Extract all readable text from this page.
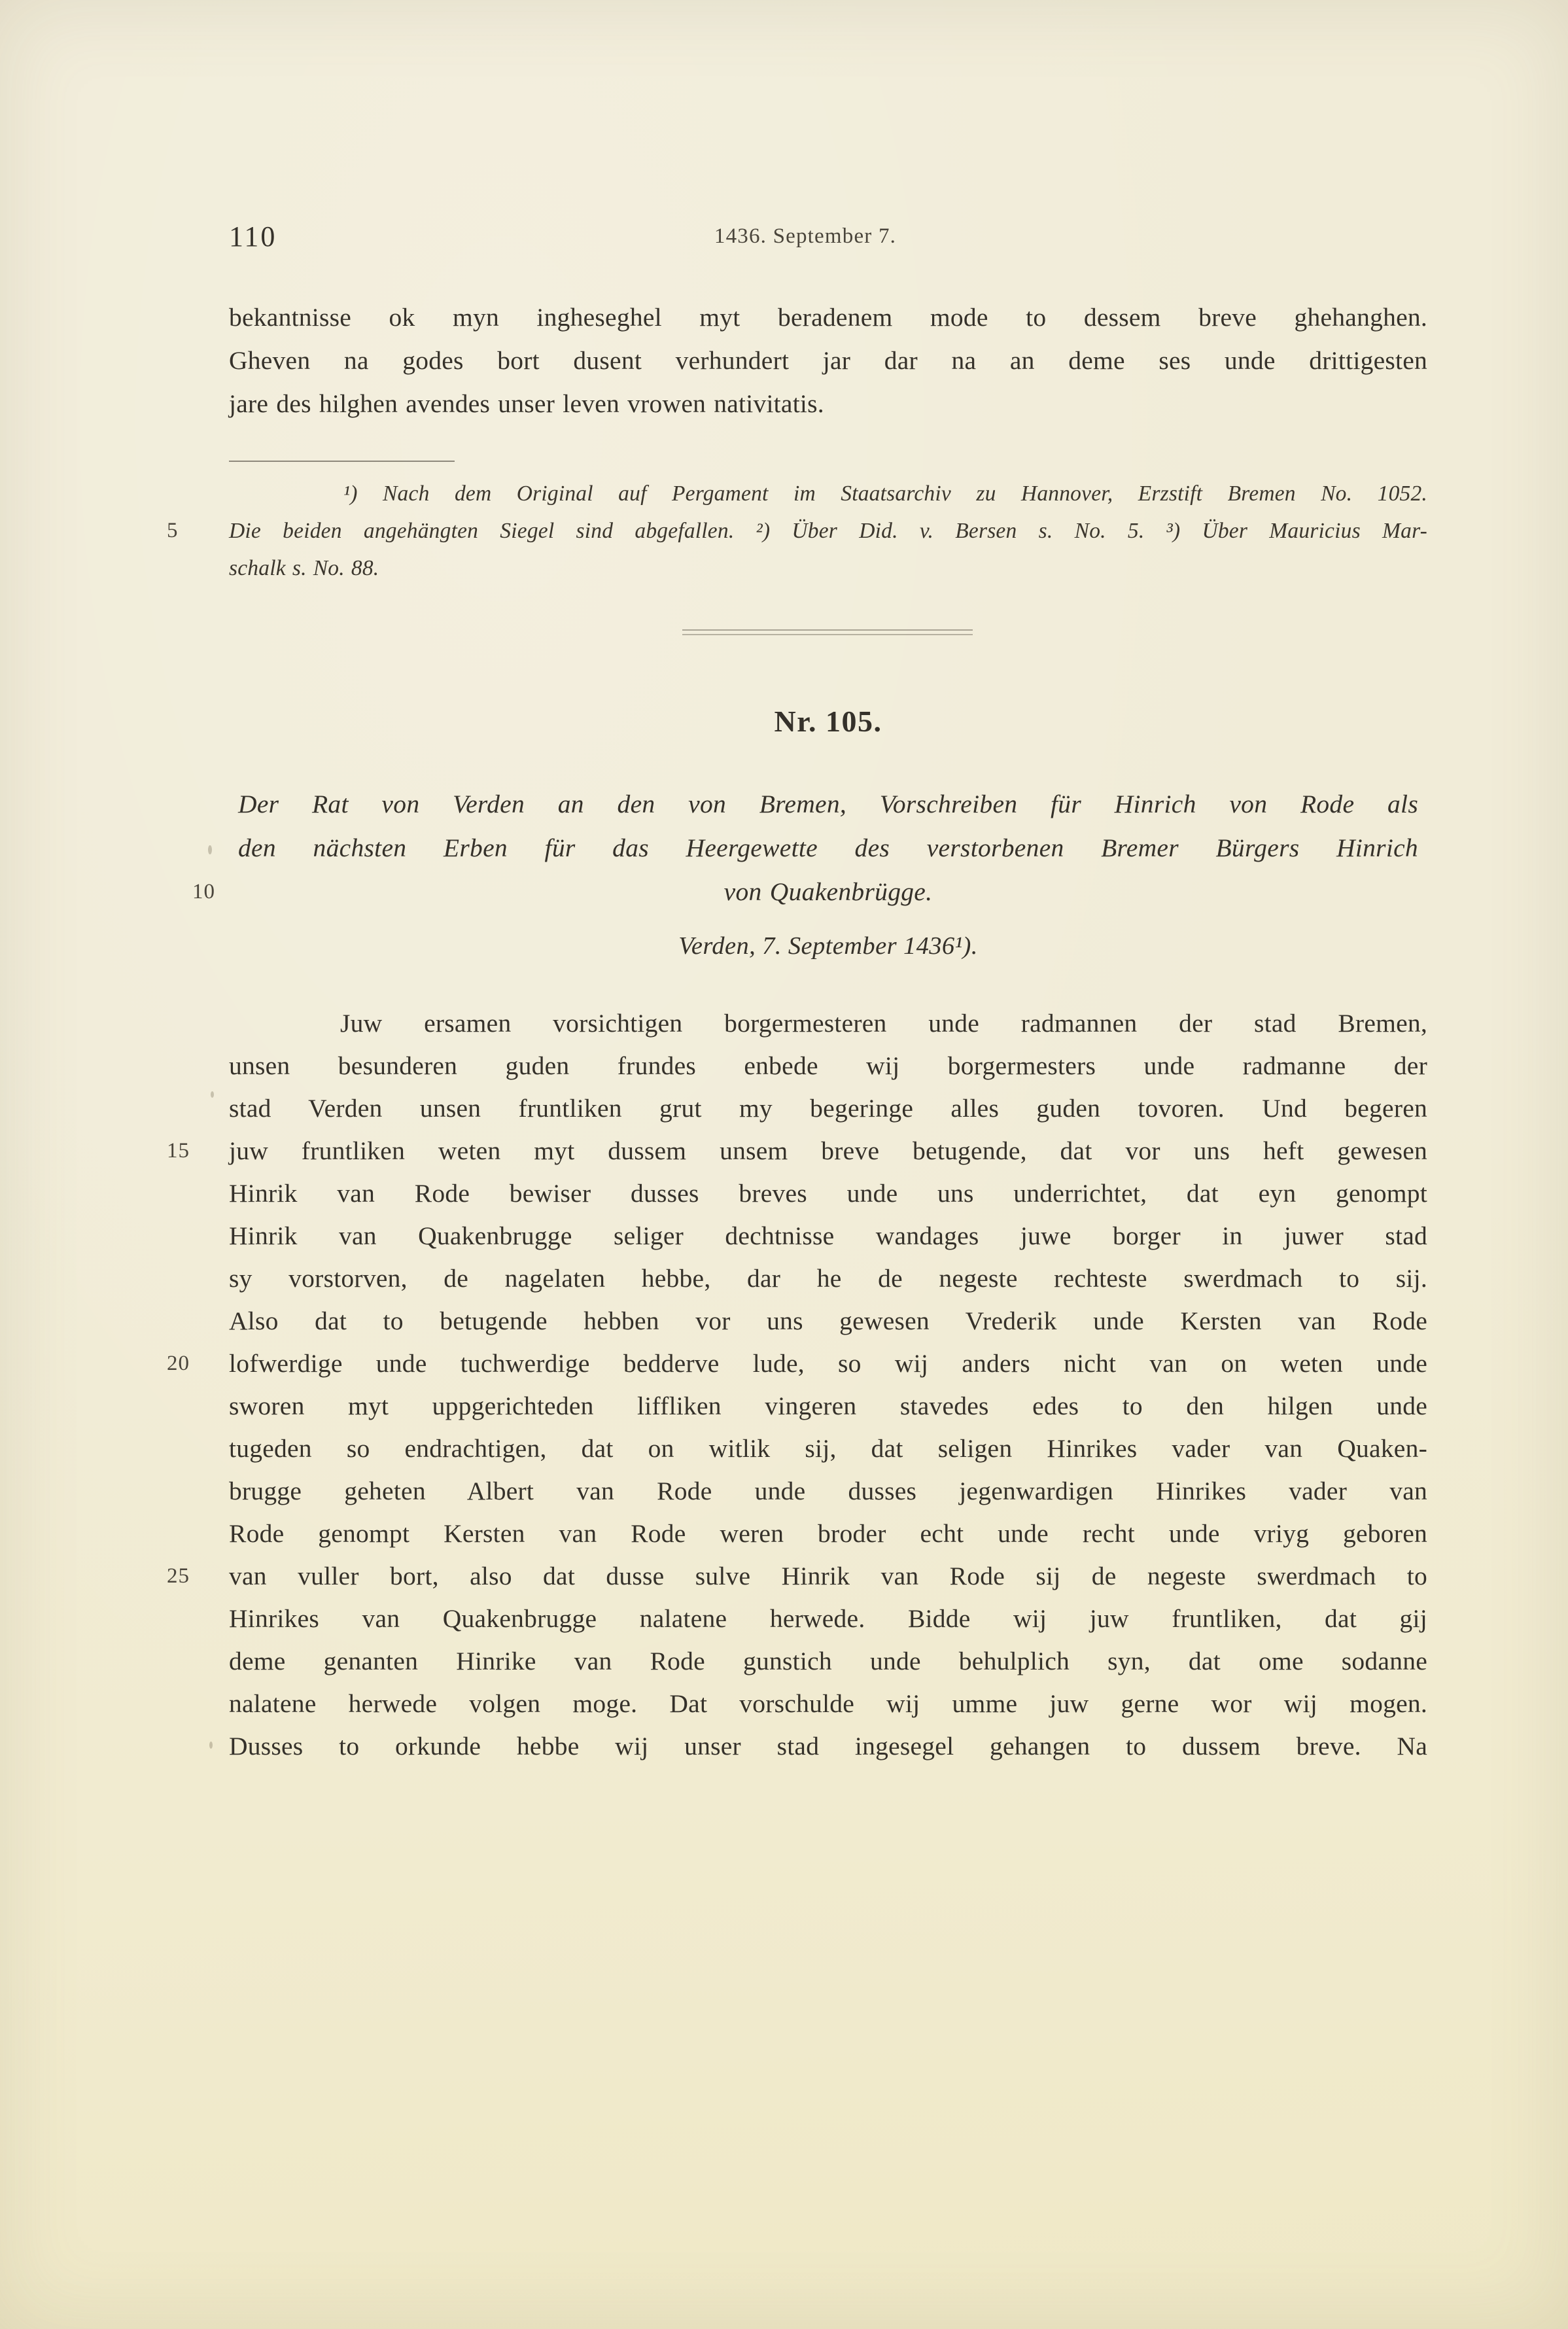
110	1436. September 7.
bekantnisse ok myn ingheseghel myt beradenem mode to dessem breve ghehanghen.
Gheven na godes bort dusent verhundert jar dar na an deme ses unde drittigesten
jare des hilghen avendes unser leven vrowen nativitatis.
¹) Nach dem Original auf Pergament im Staatsarchiv zu Hannover, Erzstift Bremen No. 1052.
5	Die beiden angehängten Siegel sind abgefallen. ²) Über Did. v. Bersen s. No. 5. ³) Über Mauricius Mar-
schalk s. No. 88.
Nr. 105.
Der Rat von Verden an den von Bremen, Vorschreiben für Hinrich von Rode als
den nächsten Erben für das Heergewette des verstorbenen Bremer Bürgers Hinrich
10	von Quakenbrügge.
Verden, 7. September 1436¹).
Juw ersamen vorsichtigen borgermesteren unde radmannen der stad Bremen,
unsen besunderen guden frundes enbede wij borgermesters unde radmanne der
stad Verden unsen fruntliken grut my begeringe alles guden tovoren. Und begeren
15	juw fruntliken weten myt dussem unsem breve betugende, dat vor uns heft gewesen
Hinrik van Rode bewiser dusses breves unde uns underrichtet, dat eyn genompt
Hinrik van Quakenbrugge seliger dechtnisse wandages juwe borger in juwer stad
sy vorstorven, de nagelaten hebbe, dar he de negeste rechteste swerdmach to sij.
Also dat to betugende hebben vor uns gewesen Vrederik unde Kersten van Rode
20	lofwerdige unde tuchwerdige bedderve lude, so wij anders nicht van on weten unde
sworen myt uppgerichteden liffliken vingeren stavedes edes to den hilgen unde
tugeden so endrachtigen, dat on witlik sij, dat seligen Hinrikes vader van Quaken-
brugge geheten Albert van Rode unde dusses jegenwardigen Hinrikes vader van
Rode genompt Kersten van Rode weren broder echt unde recht unde vriyg geboren
25	van vuller bort, also dat dusse sulve Hinrik van Rode sij de negeste swerdmach to
Hinrikes van Quakenbrugge nalatene herwede. Bidde wij juw fruntliken, dat gij
deme genanten Hinrike van Rode gunstich unde behulplich syn, dat ome sodanne
nalatene herwede volgen moge. Dat vorschulde wij umme juw gerne wor wij mogen.
Dusses to orkunde hebbe wij unser stad ingesegel gehangen to dussem breve. Na
